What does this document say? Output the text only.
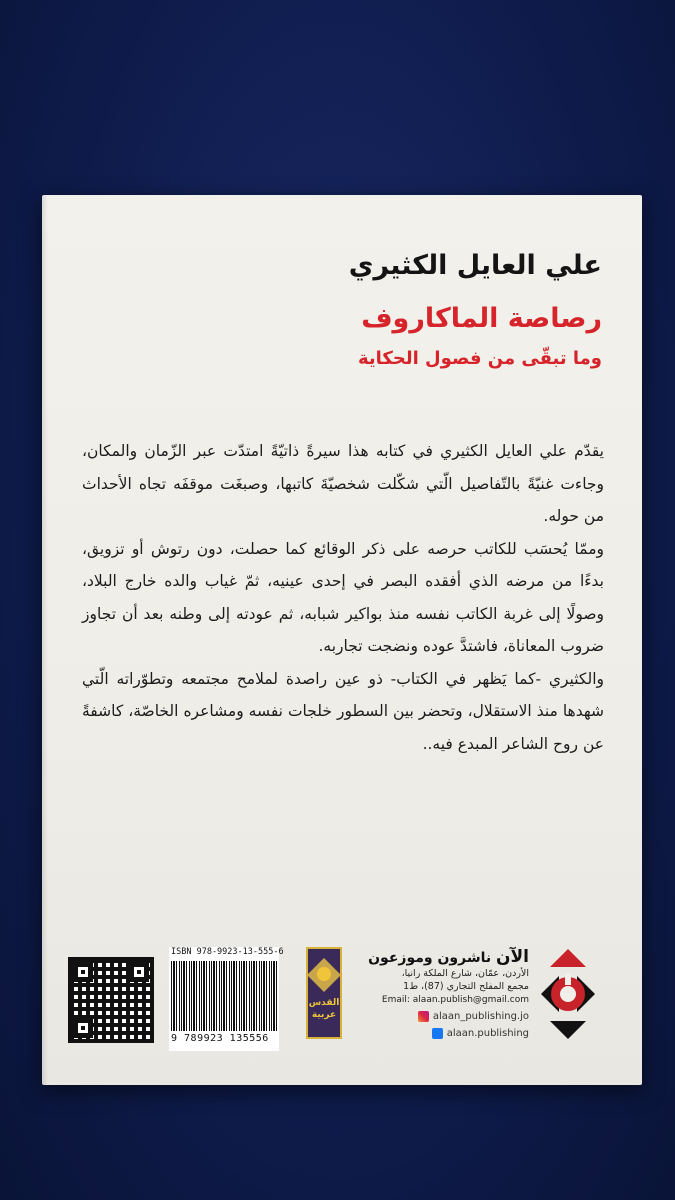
علي العايل الكثيري
رصاصة الماكاروف
وما تبقّى من فصول الحكاية

يقدّم علي العايل الكثيري في كتابه هذا سيرةً ذاتيّةً امتدّت عبر الزّمان والمكان، وجاءت غنيّةً بالتّفاصيل الّتي شكّلت شخصيّةَ كاتبها، وصبغَت موقفَه تجاه الأحداث من حوله.

وممّا يُحسَب للكاتب حرصه على ذكر الوقائع كما حصلت، دون رتوش أو تزويق، بدءًا من مرضه الذي أفقده البصر في إحدى عينيه، ثمّ غياب والده خارج البلاد، وصولًا إلى غربة الكاتب نفسه منذ بواكير شبابه، ثم عودته إلى وطنه بعد أن تجاوز ضروب المعاناة، فاشتدَّ عوده ونضجت تجاربه.

والكثيري -كما يَظهر في الكتاب- ذو عين راصدة لملامح مجتمعه وتطوّراته الّتي شهدها منذ الاستقلال، وتحضر بين السطور خلجات نفسه ومشاعره الخاصّة، كاشفةً عن روح الشاعر المبدع فيه..

ISBN 978-9923-13-555-6
9 789923 135556
القدس عربية
الآن ناشرون وموزعون
الأردن، عمّان، شارع الملكة رانيا،
مجمع المفلح التجاري (87)، ط1
Email: alaan.publish@gmail.com
alaan_publishing.jo
alaan.publishing
